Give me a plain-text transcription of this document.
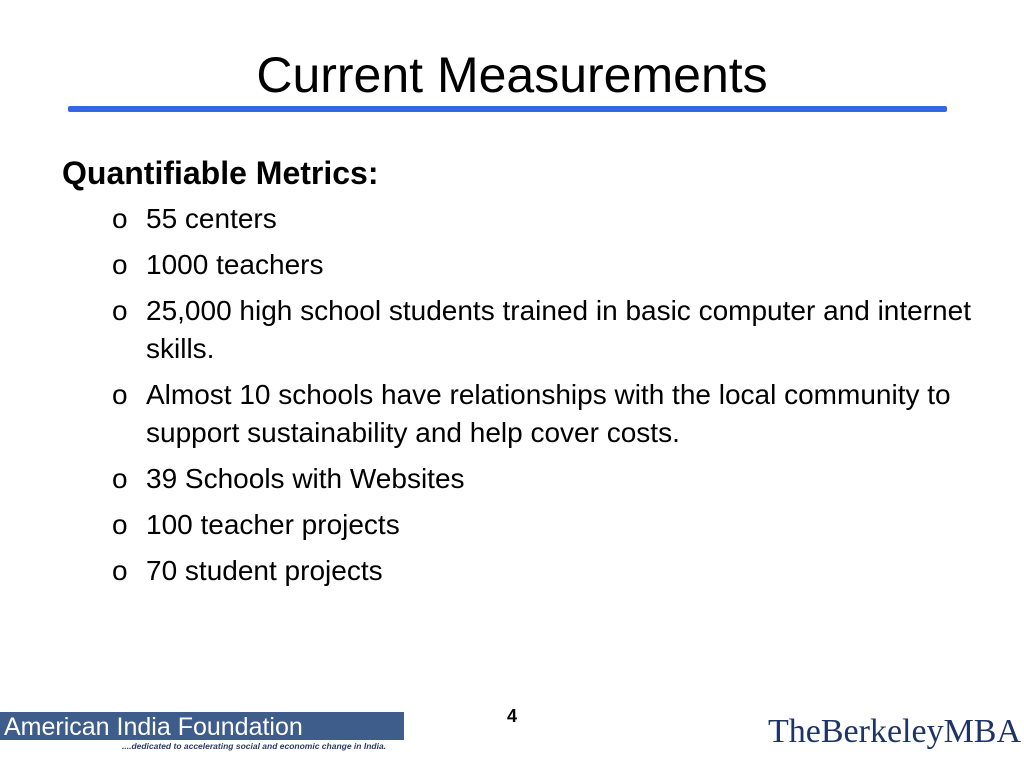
Current Measurements
Quantifiable Metrics:
o 55 centers
o 1000 teachers
o 25,000 high school students trained in basic computer and internet skills.
o Almost 10 schools have relationships with the local community to support sustainability and help cover costs.
o 39 Schools with Websites
o 100 teacher projects
o 70 student projects
American India Foundation
....dedicated to accelerating social and economic change in India.
4	TheBerkeleyMBA
